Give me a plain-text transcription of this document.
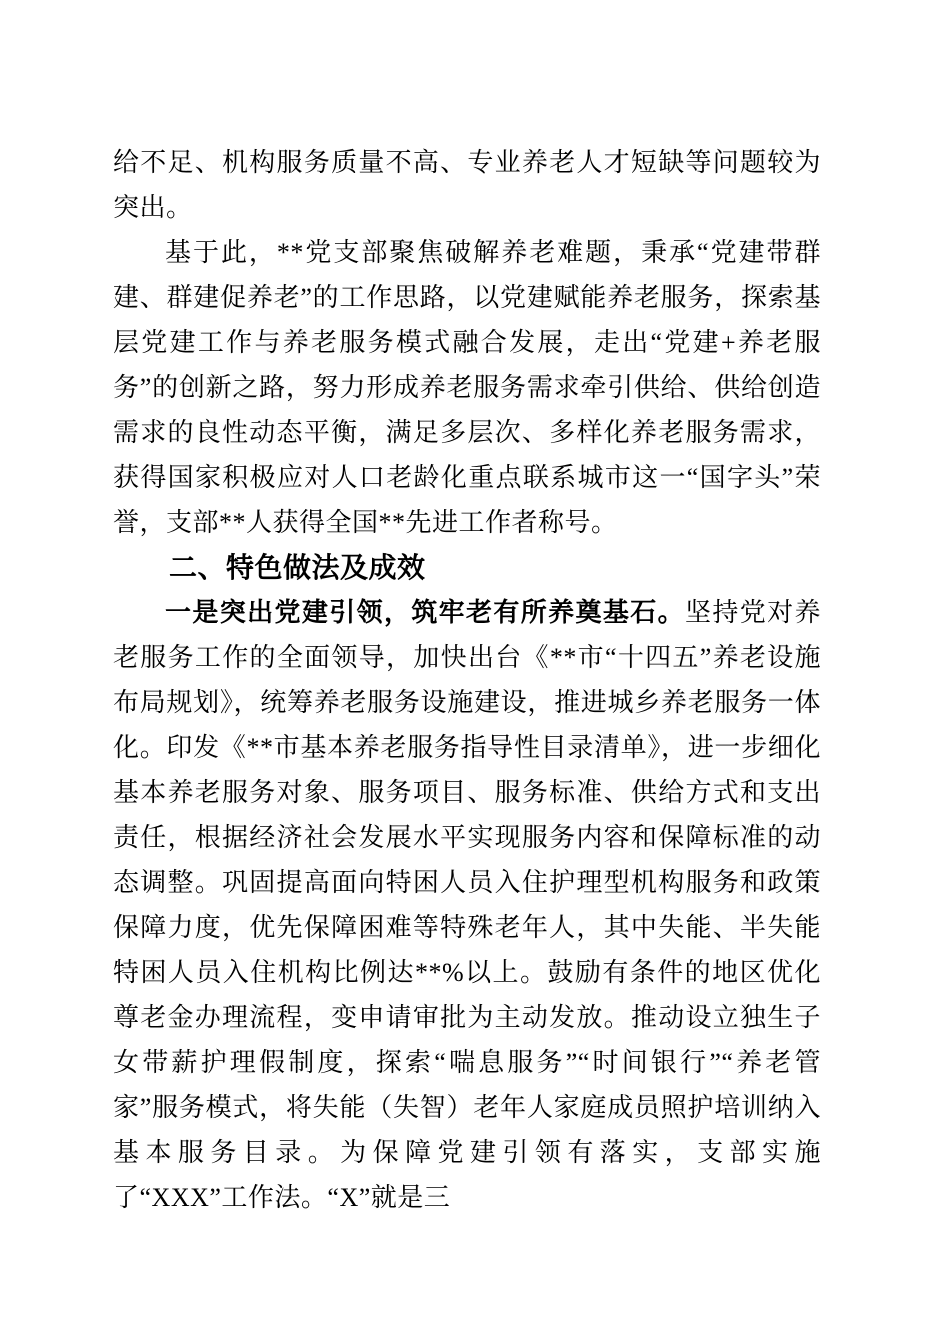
给不足、机构服务质量不高、专业养老人才短缺等问题较为突出。

基于此，**党支部聚焦破解养老难题，秉承“党建带群建、群建促养老”的工作思路，以党建赋能养老服务，探索基层党建工作与养老服务模式融合发展，走出“党建+养老服务”的创新之路，努力形成养老服务需求牵引供给、供给创造需求的良性动态平衡，满足多层次、多样化养老服务需求，获得国家积极应对人口老龄化重点联系城市这一“国字头”荣誉，支部**人获得全国**先进工作者称号。

二、特色做法及成效

一是突出党建引领，筑牢老有所养奠基石。坚持党对养老服务工作的全面领导，加快出台《**市“十四五”养老设施布局规划》，统筹养老服务设施建设，推进城乡养老服务一体化。印发《**市基本养老服务指导性目录清单》，进一步细化基本养老服务对象、服务项目、服务标准、供给方式和支出责任，根据经济社会发展水平实现服务内容和保障标准的动态调整。巩固提高面向特困人员入住护理型机构服务和政策保障力度，优先保障困难等特殊老年人，其中失能、半失能特困人员入住机构比例达**%以上。鼓励有条件的地区优化尊老金办理流程，变申请审批为主动发放。推动设立独生子女带薪护理假制度，探索“喘息服务”“时间银行”“养老管家”服务模式，将失能（失智）老年人家庭成员照护培训纳入基本服务目录。为保障党建引领有落实，支部实施了“XXX”工作法。“X”就是三
